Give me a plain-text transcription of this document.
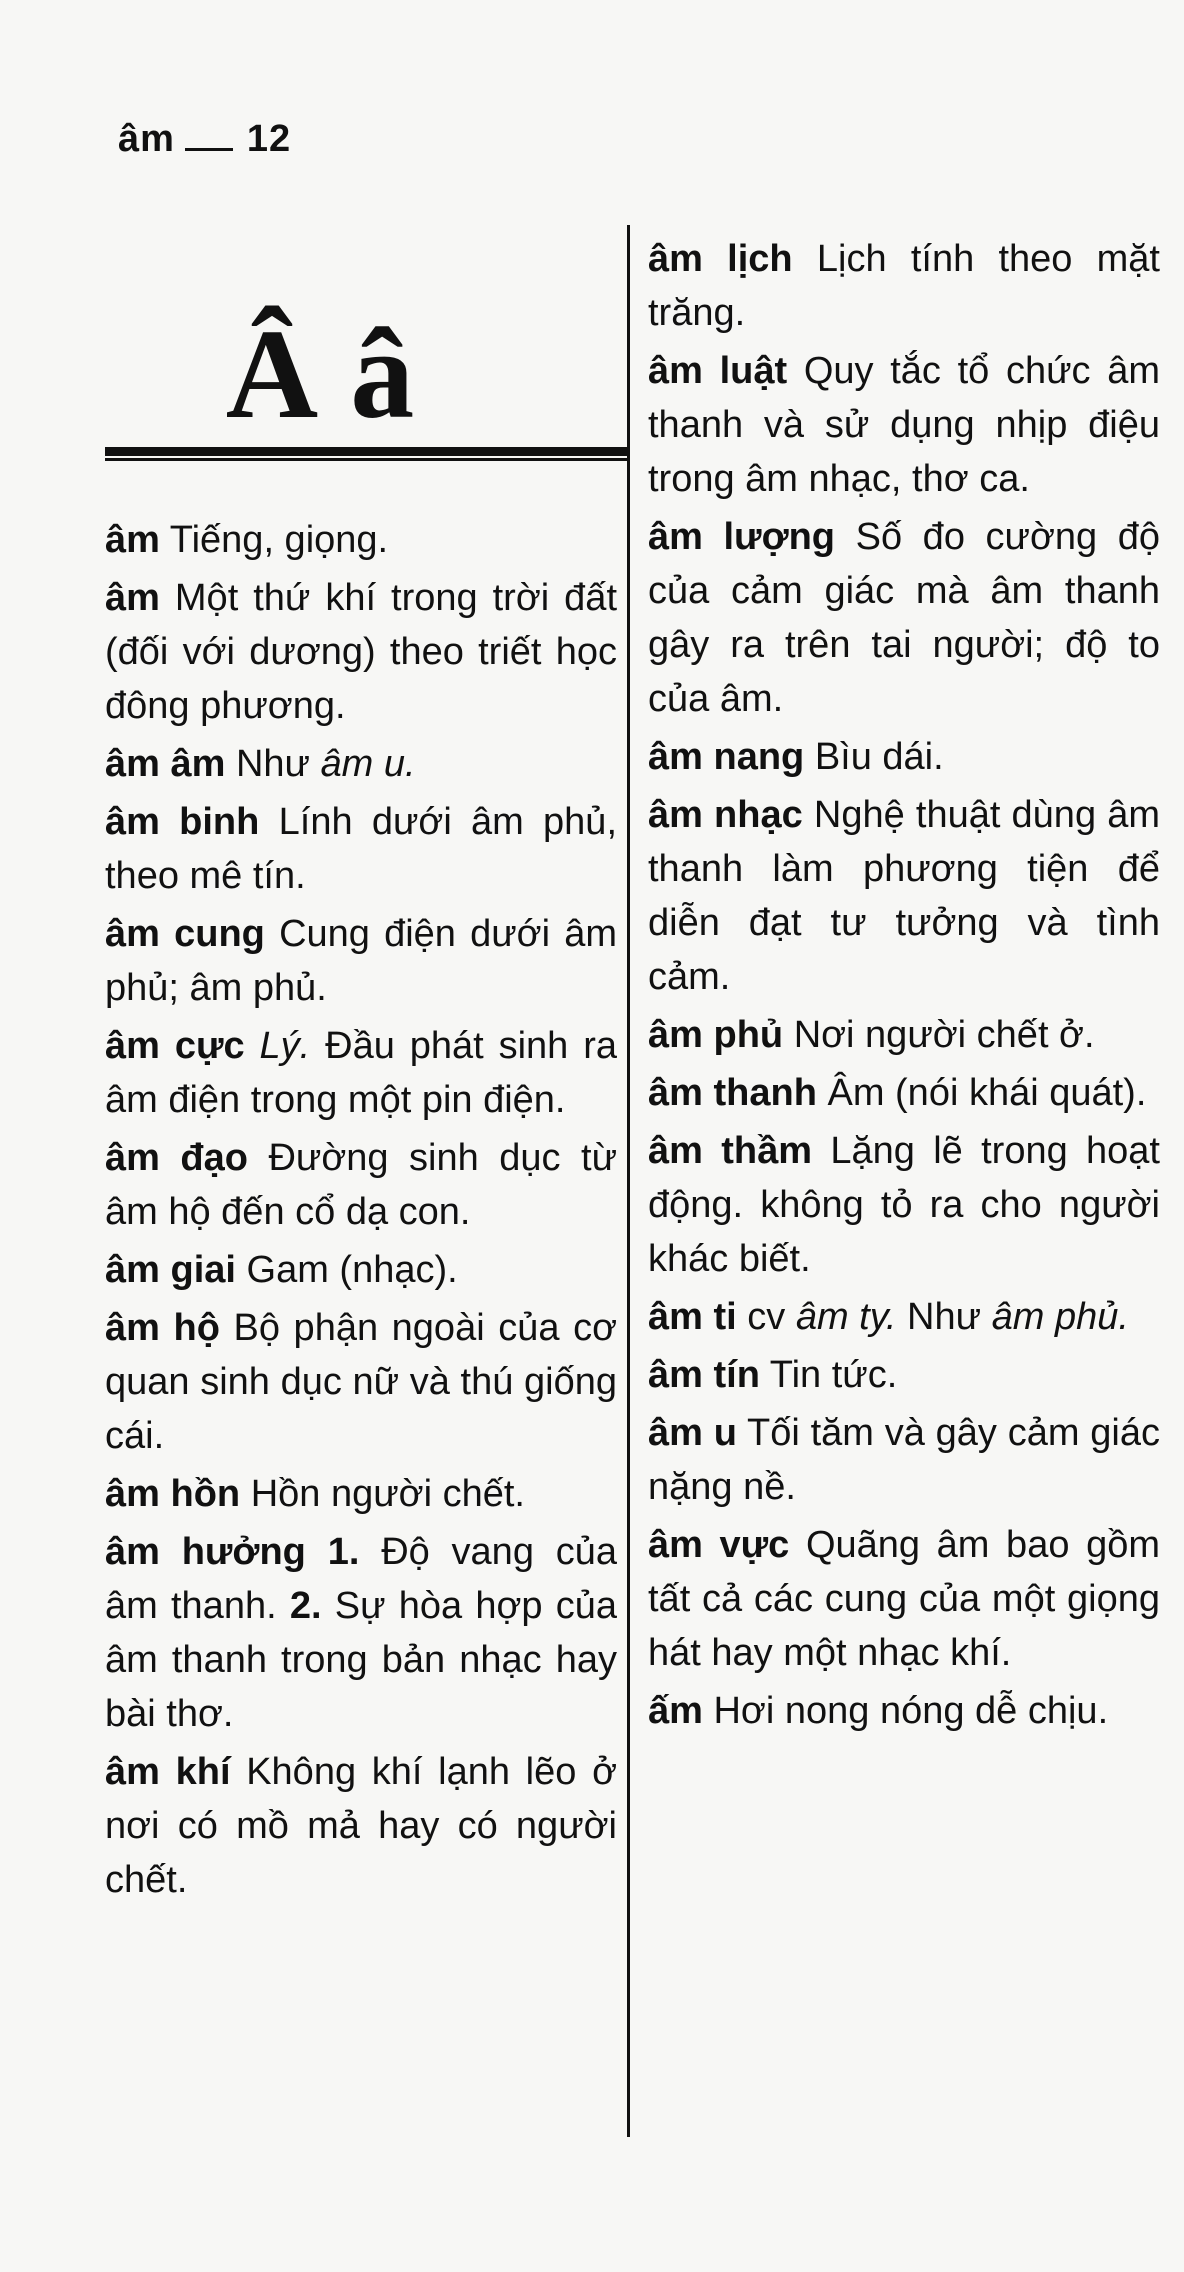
âm 12
Â â

âm Tiếng, giọng.

âm Một thứ khí trong trời đất (đối với dương) theo triết học đông phương.

âm âm Như âm u.

âm binh Lính dưới âm phủ, theo mê tín.

âm cung Cung điện dưới âm phủ; âm phủ.

âm cực Lý. Đầu phát sinh ra âm điện trong một pin điện.

âm đạo Đường sinh dục từ âm hộ đến cổ dạ con.

âm giai Gam (nhạc).

âm hộ Bộ phận ngoài của cơ quan sinh dục nữ và thú giống cái.

âm hồn Hồn người chết.

âm hưởng 1. Độ vang của âm thanh. 2. Sự hòa hợp của âm thanh trong bản nhạc hay bài thơ.

âm khí Không khí lạnh lẽo ở nơi có mồ mả hay có người chết.

âm lịch Lịch tính theo mặt trăng.

âm luật Quy tắc tổ chức âm thanh và sử dụng nhịp điệu trong âm nhạc, thơ ca.

âm lượng Số đo cường độ của cảm giác mà âm thanh gây ra trên tai người; độ to của âm.

âm nang Bìu dái.

âm nhạc Nghệ thuật dùng âm thanh làm phương tiện để diễn đạt tư tưởng và tình cảm.

âm phủ Nơi người chết ở.

âm thanh Âm (nói khái quát).

âm thầm Lặng lẽ trong hoạt động. không tỏ ra cho người khác biết.

âm ti cv âm ty. Như âm phủ.

âm tín Tin tức.

âm u Tối tăm và gây cảm giác nặng nề.

âm vực Quãng âm bao gồm tất cả các cung của một giọng hát hay một nhạc khí.

ấm Hơi nong nóng dễ chịu.
